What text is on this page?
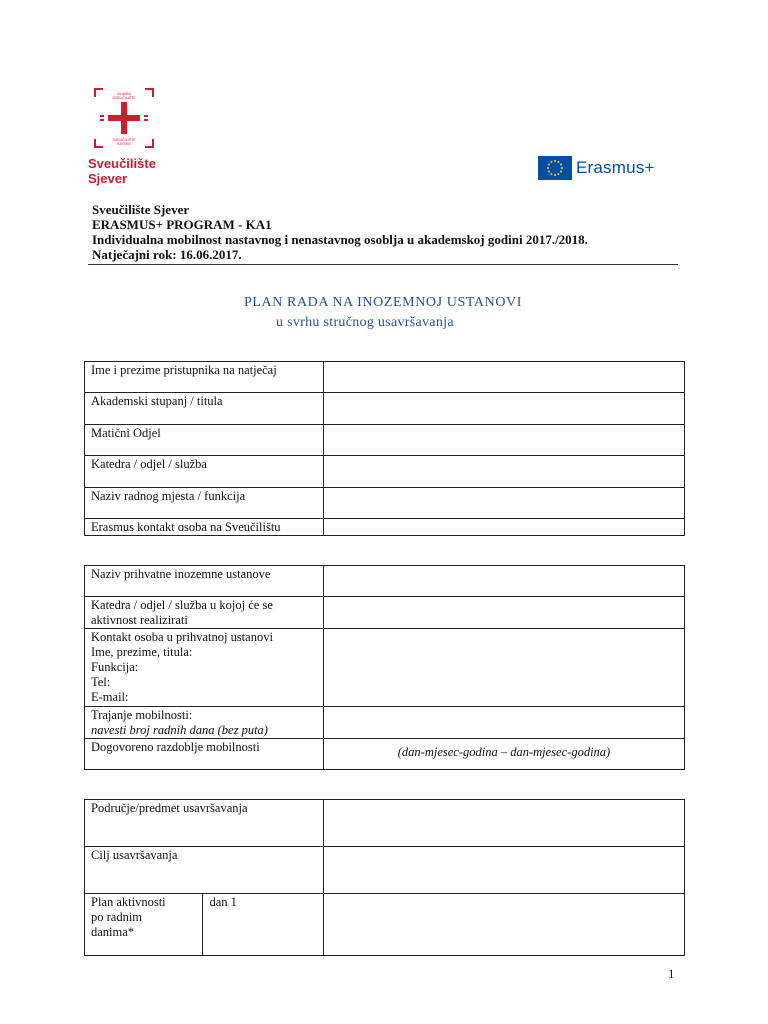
ALUMNI
SVEUČILIŠTE
SVEUČILIŠTE
SJEVER
Sveučilište
Sjever
Erasmus+
Sveučilište Sjever
ERASMUS+ PROGRAM - KA1
Individualna mobilnost nastavnog i nenastavnog osoblja u akademskoj godini 2017./2018.
Natječajni rok: 16.06.2017.
PLAN RADA NA INOZEMNOJ USTANOVI
u svrhu stručnog usavršavanja
Ime i prezime pristupnika na natječaj	
Akademski stupanj / titula	
Matični Odjel	
Katedra / odjel / služba	
Naziv radnog mjesta / funkcija	
Erasmus kontakt osoba na Sveučilištu	
Naziv prihvatne inozemne ustanove	

Katedra / odjel / služba u kojoj će se
aktivnost realizirati	

Kontakt osoba u prihvatnoj ustanovi
Ime, prezime, titula:
Funkcija:
Tel:
E-mail:	

Trajanje mobilnosti:
navesti broj radnih dana (bez puta)	

Dogovoreno razdoblje mobilnosti	(dan-mjesec-godina – dan-mjesec-godina)
Područje/predmet usavršavanja		
Cilj usavršavanja		

Plan aktivnosti
po radnim
danima*	dan 1	
1
